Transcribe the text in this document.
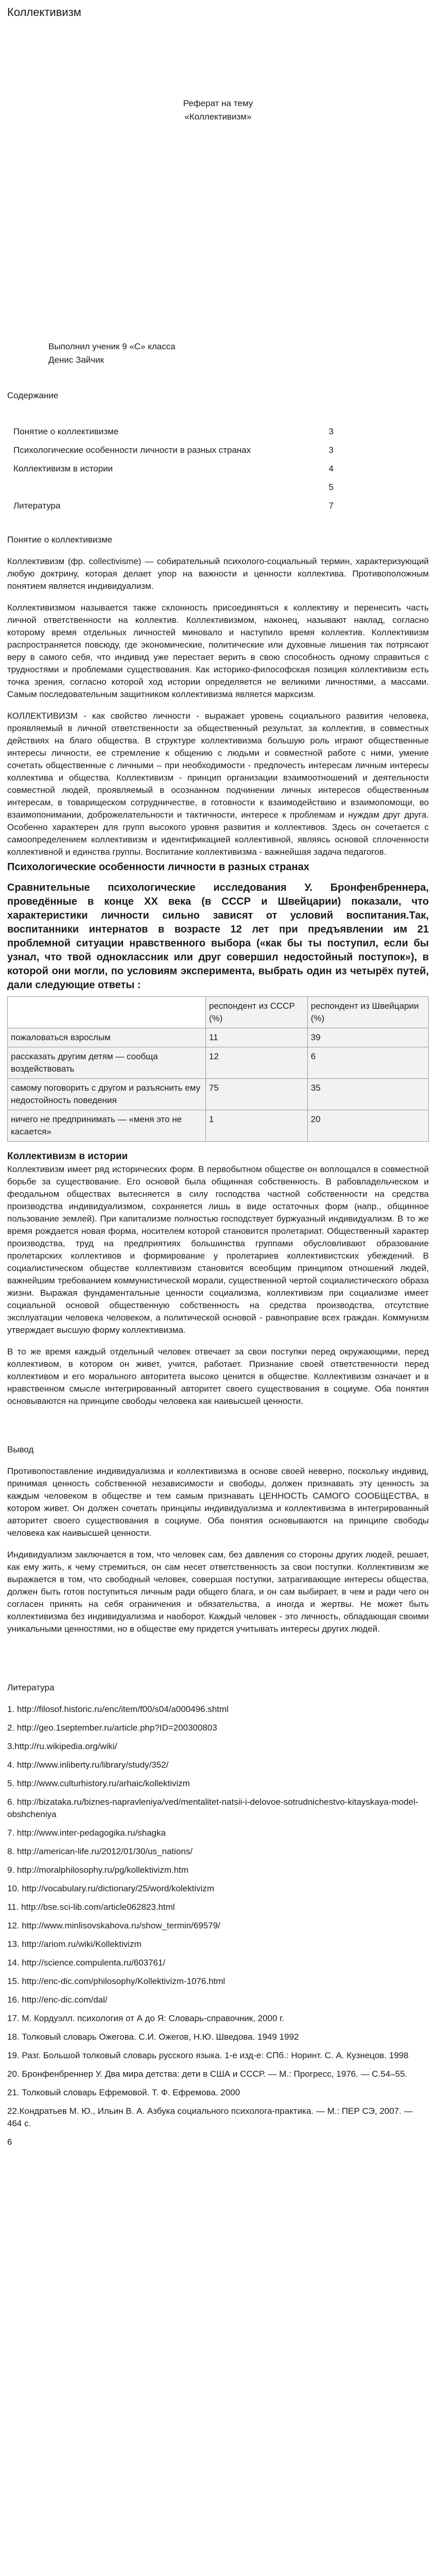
Коллективизм
Реферат на тему
«Коллективизм»
Выполнил ученик 9 «С» класса
Денис Зайчик
Содержание
Понятие о коллективизме	3
Психологические особенности личности в разных странах	3
Коллективизм в истории	4
	5
Литература	7
Понятие о коллективизме

Коллективизм (фр. collectivisme) — собирательный психолого-социальный термин, характеризующий любую доктрину, которая делает упор на важности и ценности коллектива. Противоположным понятием является индивидуализм.

Коллективизмом называется также склонность присоединяться к коллективу и перенесить часть личной ответственности на коллектив. Коллективизмом, наконец, называют наклад, согласно которому время отдельных личностей миновало и наступило время коллектив. Коллективизм распространяется повсюду, где экономические, политические или духовные лишения так потрясают веру в самого себя, что индивид уже перестает верить в свою способность одному справиться с трудностями и проблемами существования. Как историко-философская позиция коллективизм есть точка зрения, согласно которой ход истории определяется не великими личностями, а массами. Самым последовательным защитником коллективизма является марксизм.

КОЛЛЕКТИВИЗМ - как свойство личности - выражает уровень социального развития человека, проявляемый в личной ответственности за общественный результат, за коллектив, в совместных действиях на благо общества. В структуре коллективизма большую роль играют общественные интересы личности, ее стремление к общению с людьми и совместной работе с ними, умение сочетать общественные с личными – при необходимости - предпочесть интересам личным интересы коллектива и общества. Коллективизм - принцип организации взаимоотношений и деятельности совместной людей, проявляемый в осознанном подчинении личных интересов общественным интересам, в товарищеском сотрудничестве, в готовности к взаимодействию и взаимопомощи, во взаимопонимании, доброжелательности и тактичности, интересе к проблемам и нуждам друг друга. Особенно характерен для групп высокого уровня развития и коллективов. Здесь он сочетается с самоопределением коллективизм и идентификацией коллективной, являясь основой сплоченности коллективной и единства группы. Воспитание коллективизма - важнейшая задача педагогов.

Психологические особенности личности в разных странах

Сравнительные психологические исследования У. Бронфенбреннера, проведённые в конце XX века (в СССР и Швейцарии) показали, что характеристики личности сильно зависят от условий воспитания.Так, воспитанники интернатов в возрасте 12 лет при предъявлении им 21 проблемной ситуации нравственного выбора («как бы ты поступил, если бы узнал, что твой одноклассник или друг совершил недостойный поступок»), в которой они могли, по условиям эксперимента, выбрать один из четырёх путей, дали следующие ответы :

	респондент из СССР (%)	респондент из Швейцарии (%)
пожаловаться взрослым	11	39
рассказать другим детям — сообща воздействовать	12	6
самому поговорить с другом и разъяснить ему недостойность поведения	75	35
ничего не предпринимать — «меня это не касается»	1	20
Коллективизм в истории

Коллективизм имеет ряд исторических форм. В первобытном обществе он воплощался в совместной борьбе за существование. Его основой была общинная собственность. В рабовладельческом и феодальном обществах вытесняется в силу господства частной собственности на средства производства индивидуализмом, сохраняется лишь в виде остаточных форм (напр., общинное пользование землей). При капитализме полностью господствует буржуазный индивидуализм. В то же время рождается новая форма, носителем которой становится пролетариат. Общественный характер производства, труд на предприятиях большинства группами обусловливают образование пролетарских коллективов и формирование у пролетариев коллективистских убеждений. В социалистическом обществе коллективизм становится всеобщим принципом отношений людей, важнейшим требованием коммунистической морали, существенной чертой социалистического образа жизни. Выражая фундаментальные ценности социализма, коллективизм при социализме имеет социальной основой общественную собственность на средства производства, отсутствие эксплуатации человека человеком, а политической основой - равноправие всех граждан. Коммунизм утверждает высшую форму коллективизма.

В то же время каждый отдельный человек отвечает за свои поступки перед окружающими, перед коллективом, в котором он живет, учится, работает. Признание своей ответственности перед коллективом и его морального авторитета высоко ценится в обществе. Коллективизм означает и в нравственном смысле интегрированный авторитет своего существования в социуме. Оба понятия основываются на принципе свободы человека как наивысшей ценности.

Вывод

Противопоставление индивидуализма и коллективизма в основе своей неверно, поскольку индивид, принимая ценность собственной независимости и свободы, должен признавать эту ценность за каждым человеком в обществе и тем самым признавать ЦЕННОСТЬ САМОГО СООБЩЕСТВА, в котором живет. Он должен сочетать принципы индивидуализма и коллективизма в интегрированный авторитет своего существования в социуме. Оба понятия основываются на принципе свободы человека как наивысшей ценности.

Индивидуализм заключается в том, что человек сам, без давления со стороны других людей, решает, как ему жить, к чему стремиться, он сам несет ответственность за свои поступки. Коллективизм же выражается в том, что свободный человек, совершая поступки, затрагивающие интересы общества, должен быть готов поступиться личным ради общего блага, и он сам выбирает, в чем и ради чего он согласен принять на себя ограничения и обязательства, а иногда и жертвы. Не может быть коллективизма без индивидуализма и наоборот. Каждый человек - это личность, обладающая своими уникальными ценностями, но в обществе ему придется учитывать интересы других людей.

Литература
1. http://filosof.historic.ru/enc/item/f00/s04/a000496.shtml
2. http://geo.1september.ru/article.php?ID=200300803
3.http://ru.wikipedia.org/wiki/
4. http://www.inliberty.ru/library/study/352/
5. http://www.culturhistory.ru/arhaic/kollektivizm
6. http://bizataka.ru/biznes-napravleniya/ved/mentalitet-natsii-i-delovoe-sotrudnichestvo-kitayskaya-model-obshcheniya
7. http://www.inter-pedagogika.ru/shagka
8. http://american-life.ru/2012/01/30/us_nations/
9. http://moralphilosophy.ru/pg/kollektivizm.htm
10. http://vocabulary.ru/dictionary/25/word/kolektivizm
11. http://bse.sci-lib.com/article062823.html
12. http://www.minlisovskahova.ru/show_termin/69579/
13. http://ariom.ru/wiki/Kollektivizm
14. http://science.compulenta.ru/603761/
15. http://enc-dic.com/philosophy/Kollektivizm-1076.html
16. http://enc-dic.com/dal/
17. М. Кордуэлл. психология от А до Я: Словарь-справочник, 2000 г.
18. Толковый словарь Ожегова. С.И. Ожегов, Н.Ю. Шведова. 1949 1992
19. Разг. Большой толковый словарь русского языка. 1-е изд-е: СПб.: Норинт. С. А. Кузнецов. 1998
20. Бронфенбреннер У. Два мира детства: дети в США и СССР. — М.: Прогресс, 1976. — С.54–55.
21. Толковый словарь Ефремовой. Т. Ф. Ефремова. 2000
22.Кондратьев М. Ю., Ильин В. А. Азбука социального психолога-практика. — М.: ПЕР СЭ, 2007. — 464 с.
6
